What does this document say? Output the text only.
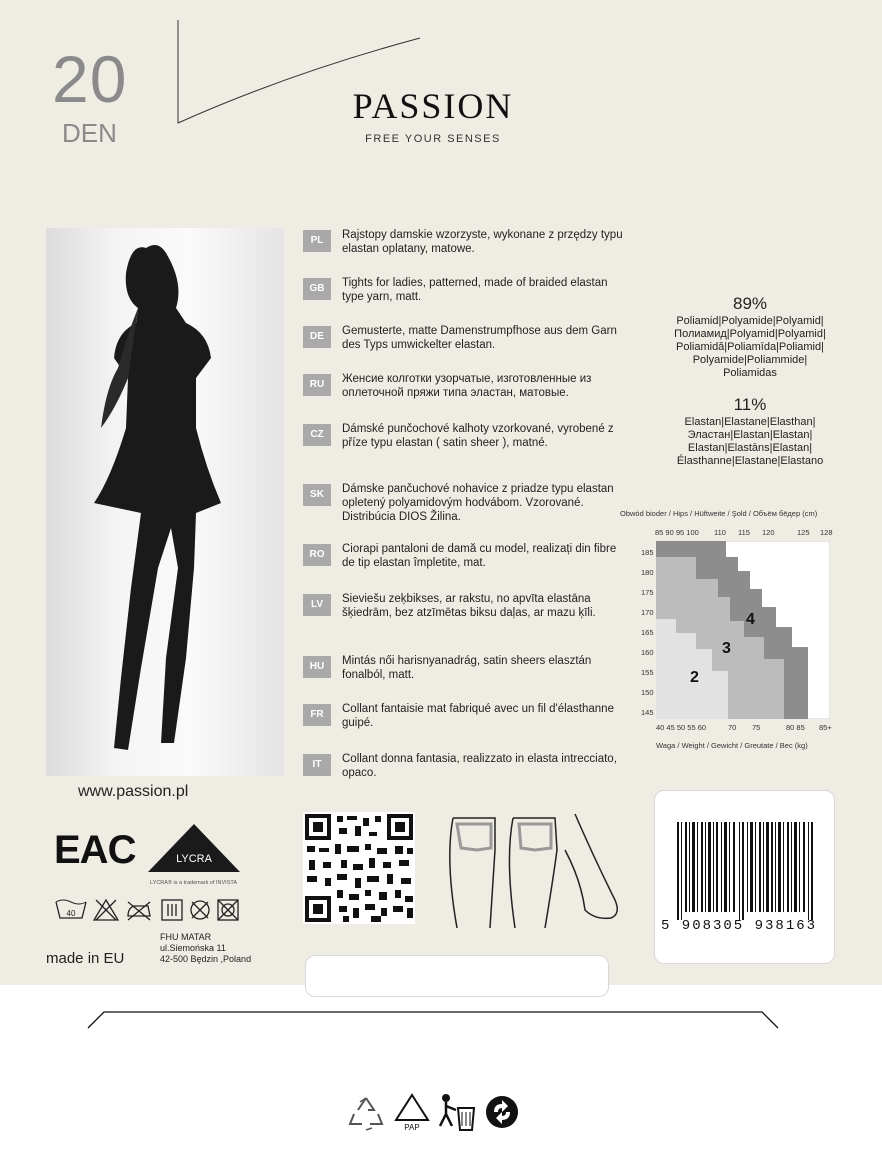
20
DEN
PASSION
FREE YOUR SENSES
www.passion.pl
PL	Rajstopy damskie wzorzyste, wykonane z przędzy typu elastan oplatany, matowe.
GB	Tights for ladies, patterned, made of braided elastan type yarn, matt.
DE	Gemusterte, matte Damenstrumpfhose aus dem Garn des Typs umwickelter elastan.
RU	Женсие колготки узорчатые, изготовленные из оплеточной пряжи типа эластан, матовые.
CZ	Dámské punčochové kalhoty vzorkované, vyrobené z příze typu elastan ( satin sheer ), matné.
SK	Dámske pančuchové nohavice z priadze typu elastan opletený polyamidovým hodvábom. Vzorované. Distribúcia DIOS Žilina.
RO	Ciorapi pantaloni de damă cu model, realizați din fibre de tip elastan împletite, mat.
LV	Sieviešu zeķbikses, ar rakstu, no apvīta elastāna šķiedrām, bez atzīmētas biksu daļas, ar mazu ķīli.
HU	Mintás női harisnyanadrág, satin sheers elasztán fonalból, matt.
FR	Collant fantaisie mat fabriqué avec un fil d'élasthanne guipé.
IT	Collant donna fantasia, realizzato in elasta intrecciato, opaco.
89%
Poliamid|Polyamide|Polyamid|
Полиамид|Polyamid|Polyamid|
Poliamidă|Poliamīda|Poliamid|
Polyamide|Poliammide|
Poliamidas
11%
Elastan|Elastane|Elasthan|
Эластан|Elastan|Elastan|
Elastan|Elastāns|Elastan|
Élasthanne|Elastane|Elastano
Obwód bioder / Hips / Hüftweite / Şold / Объём бёдер (cm)
85 90 95 100 110 115 120	125 128
185
180
175
170
165
160
155
150
145
2
3
4
40 45 50 55 60	70 75	80 85 85+
Waga / Weight / Gewicht / Greutate / Вес (kg)
EAC	LYCRA
LYCRA® is a trademark of INVISTA
40
made in EU
FHU MATAR
ul.Siemońska 11
42-500 Będzin ,Poland
5 908305 938163
PAP
